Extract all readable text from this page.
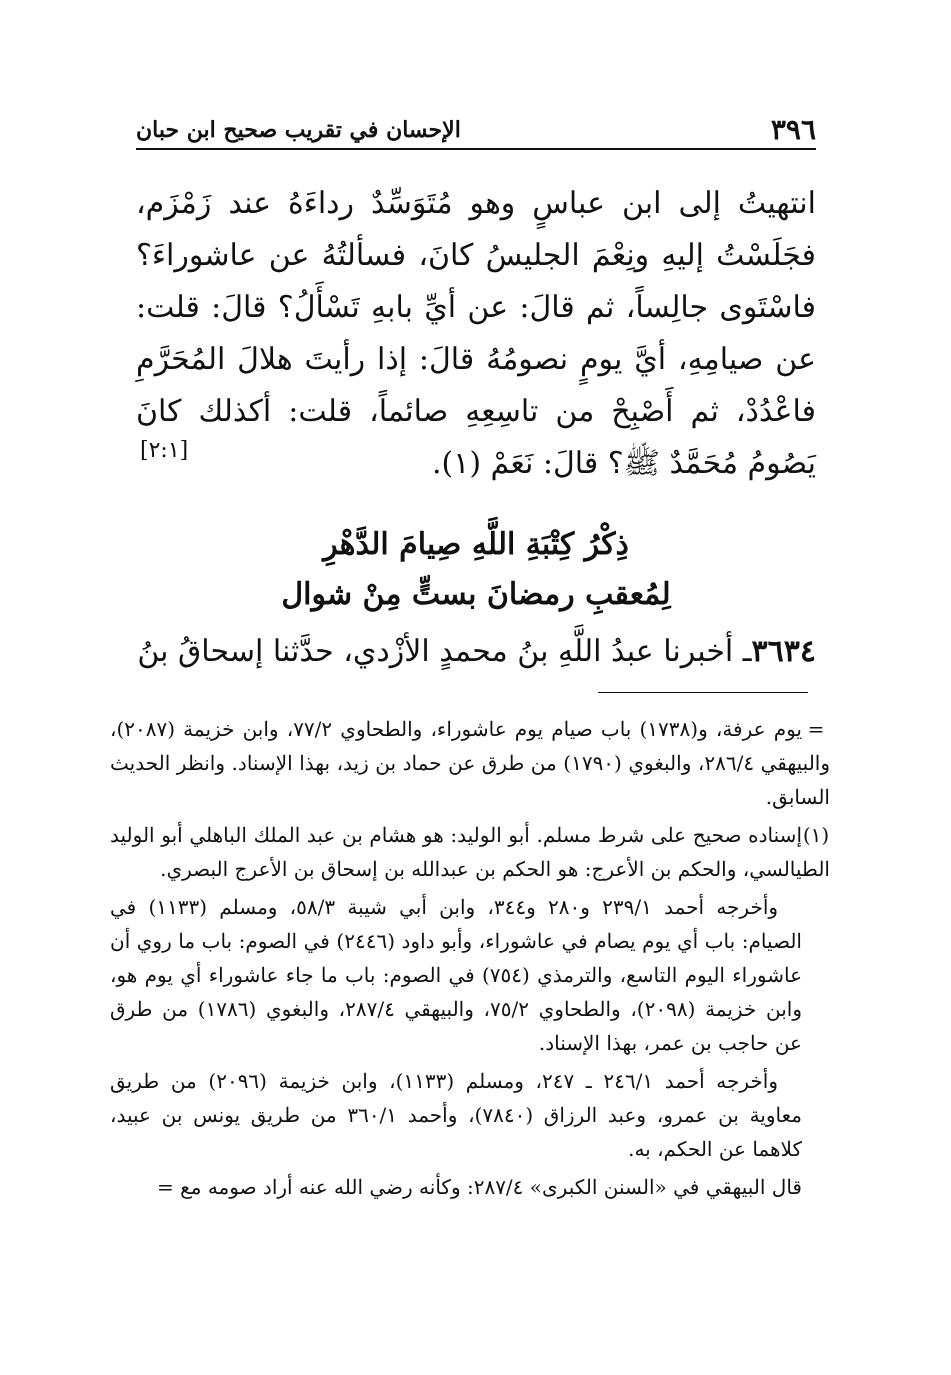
٣٩٦
الإحسان في تقريب صحيح ابن حبان

انتهيتُ إلى ابن عباسٍ وهو مُتَوَسِّدٌ رداءَهُ عند زَمْزَم، فجَلَسْتُ إليهِ ونِعْمَ الجليسُ كانَ، فسألتُهُ عن عاشوراءَ؟ فاسْتَوى جالِساً، ثم قالَ: عن أيِّ بابهِ تَسْأَلُ؟ قالَ: قلت: عن صيامِهِ، أيَّ يومٍ نصومُهُ قالَ: إذا رأيتَ هلالَ المُحَرَّمِ فاعْدُدْ، ثم أَصْبِحْ من تاسِعِهِ صائماً، قلت: أكذلك كانَ يَصُومُ مُحَمَّدٌ ﷺ؟ قالَ: نَعَمْ (١).

[٢:١]
ذِكْرُ كِتْبَةِ اللَّهِ صِيامَ الدَّهْرِ
لِمُعقبِ رمضانَ بستٍّ مِنْ شوال
٣٦٣٤ـ أخبرنا عبدُ اللَّهِ بنُ محمدٍ الأزْدي، حدَّثنا إسحاقُ بنُ

=يوم عرفة، و(١٧٣٨) باب صيام يوم عاشوراء، والطحاوي ٧٧/٢، وابن خزيمة (٢٠٨٧)، والبيهقي ٢٨٦/٤، والبغوي (١٧٩٠) من طرق عن حماد بن زيد، بهذا الإسناد. وانظر الحديث السابق.

(١)إسناده صحيح على شرط مسلم. أبو الوليد: هو هشام بن عبد الملك الباهلي أبو الوليد الطيالسي، والحكم بن الأعرج: هو الحكم بن عبدالله بن إسحاق بن الأعرج البصري.

وأخرجه أحمد ٢٣٩/١ و٢٨٠ و٣٤٤، وابن أبي شيبة ٥٨/٣، ومسلم (١١٣٣) في الصيام: باب أي يوم يصام في عاشوراء، وأبو داود (٢٤٤٦) في الصوم: باب ما روي أن عاشوراء اليوم التاسع، والترمذي (٧٥٤) في الصوم: باب ما جاء عاشوراء أي يوم هو، وابن خزيمة (٢٠٩٨)، والطحاوي ٧٥/٢، والبيهقي ٢٨٧/٤، والبغوي (١٧٨٦) من طرق عن حاجب بن عمر، بهذا الإسناد.

وأخرجه أحمد ٢٤٦/١ ـ ٢٤٧، ومسلم (١١٣٣)، وابن خزيمة (٢٠٩٦) من طريق معاوية بن عمرو، وعبد الرزاق (٧٨٤٠)، وأحمد ٣٦٠/١ من طريق يونس بن عبيد، كلاهما عن الحكم، به.

قال البيهقي في «السنن الكبرى» ٢٨٧/٤: وكأنه رضي الله عنه أراد صومه مع =
